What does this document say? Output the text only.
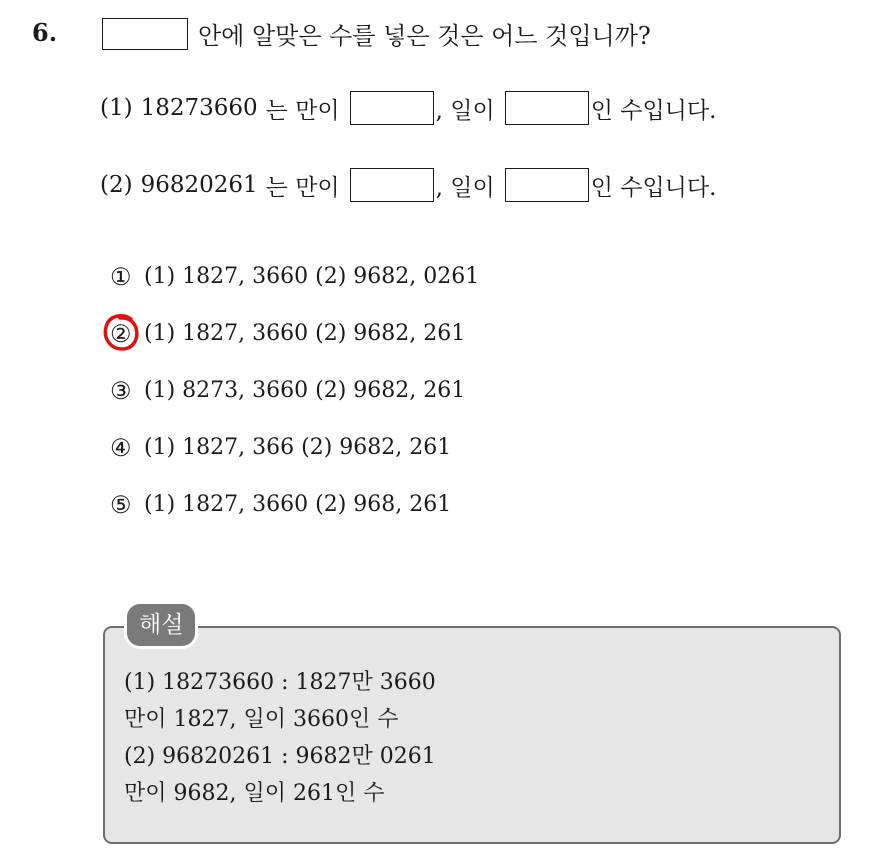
6.	안에 알맞은 수를 넣은 것은 어느 것입니까?
(1) 18273660 는 만이	, 일이	인 수입니다.
(2) 96820261 는 만이	, 일이	인 수입니다.
① (1) 1827, 3660 (2) 9682, 0261
② (1) 1827, 3660 (2) 9682, 261
③ (1) 8273, 3660 (2) 9682, 261
④ (1) 1827, 366 (2) 9682, 261
⑤ (1) 1827, 3660 (2) 968, 261
해설
(1) 18273660 : 1827만 3660
만이 1827, 일이 3660인 수
(2) 96820261 : 9682만 0261
만이 9682, 일이 261인 수
